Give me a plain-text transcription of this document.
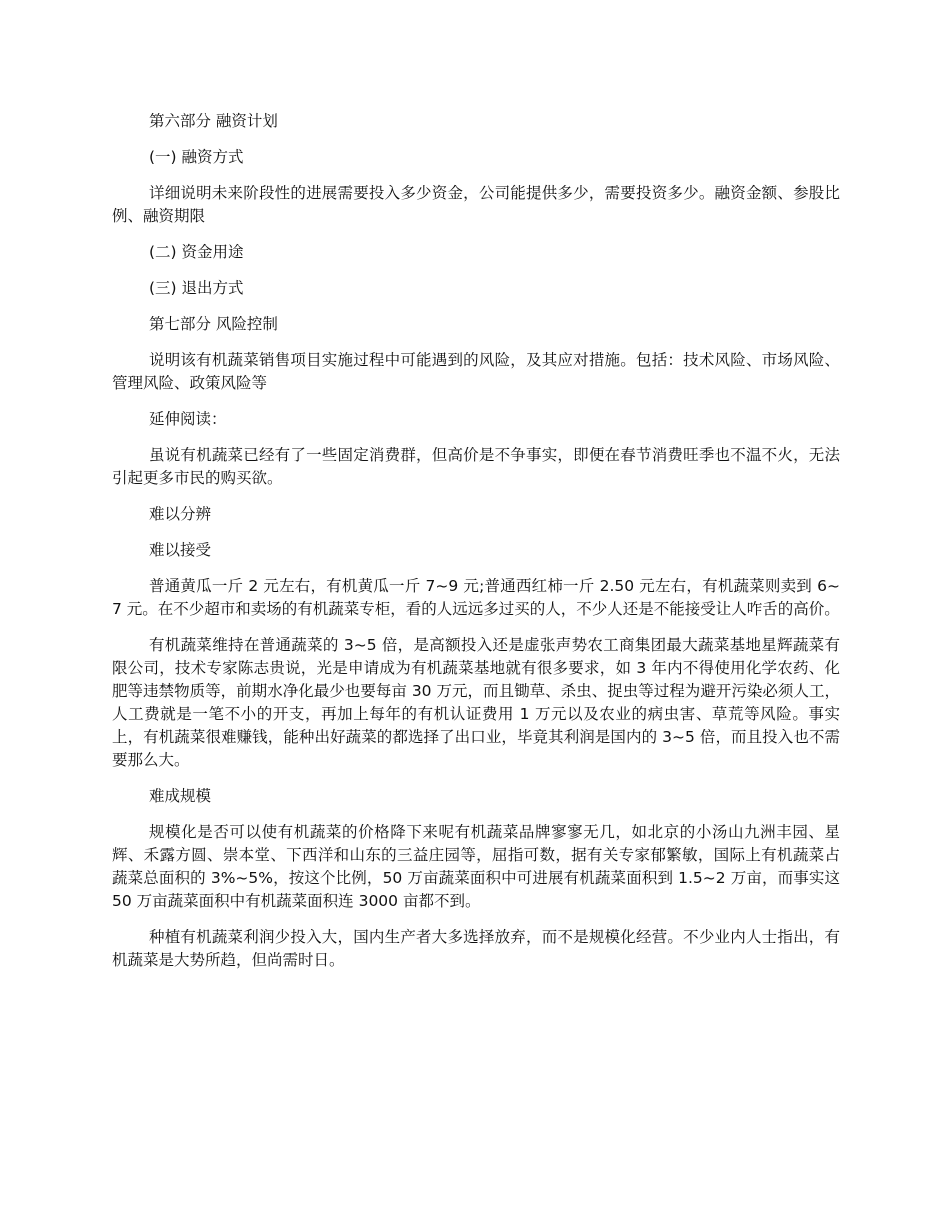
第六部分 融资计划

(一) 融资方式

详细说明未来阶段性的进展需要投入多少资金，公司能提供多少，需要投资多少。融资金额、参股比例、融资期限

(二) 资金用途

(三) 退出方式

第七部分 风险控制

说明该有机蔬菜销售项目实施过程中可能遇到的风险，及其应对措施。包括：技术风险、市场风险、管理风险、政策风险等

延伸阅读：

虽说有机蔬菜已经有了一些固定消费群，但高价是不争事实，即便在春节消费旺季也不温不火，无法引起更多市民的购买欲。

难以分辨

难以接受

普通黄瓜一斤 2 元左右，有机黄瓜一斤 7~9 元;普通西红柿一斤 2.50 元左右，有机蔬菜则卖到 6~7 元。在不少超市和卖场的有机蔬菜专柜，看的人远远多过买的人，不少人还是不能接受让人咋舌的高价。

有机蔬菜维持在普通蔬菜的 3~5 倍，是高额投入还是虚张声势农工商集团最大蔬菜基地星辉蔬菜有限公司，技术专家陈志贵说，光是申请成为有机蔬菜基地就有很多要求，如 3 年内不得使用化学农药、化肥等违禁物质等，前期水净化最少也要每亩 30 万元，而且锄草、杀虫、捉虫等过程为避开污染必须人工，人工费就是一笔不小的开支，再加上每年的有机认证费用 1 万元以及农业的病虫害、草荒等风险。事实上，有机蔬菜很难赚钱，能种出好蔬菜的都选择了出口业，毕竟其利润是国内的 3~5 倍，而且投入也不需要那么大。

难成规模

规模化是否可以使有机蔬菜的价格降下来呢有机蔬菜品牌寥寥无几，如北京的小汤山九洲丰园、星辉、禾露方圆、崇本堂、下西洋和山东的三益庄园等，屈指可数，据有关专家郁繁敏，国际上有机蔬菜占蔬菜总面积的 3%~5%，按这个比例，50 万亩蔬菜面积中可进展有机蔬菜面积到 1.5~2 万亩，而事实这 50 万亩蔬菜面积中有机蔬菜面积连 3000 亩都不到。

种植有机蔬菜利润少投入大，国内生产者大多选择放弃，而不是规模化经营。不少业内人士指出，有机蔬菜是大势所趋，但尚需时日。
